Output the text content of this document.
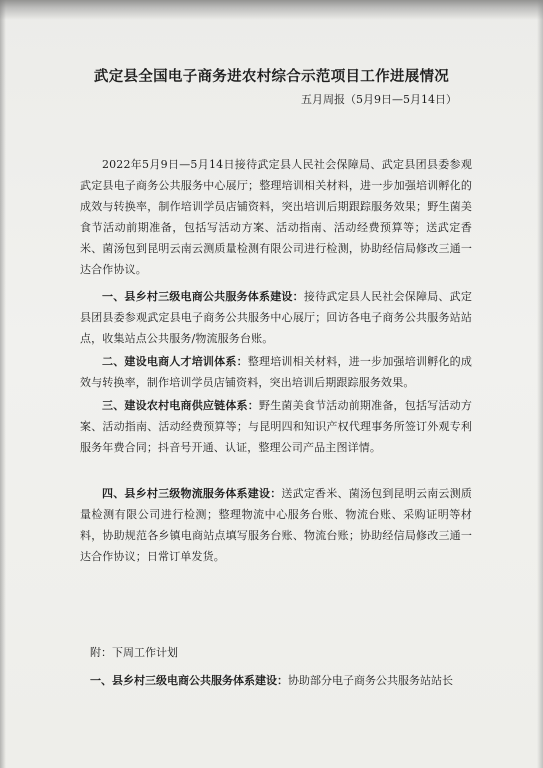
武定县全国电子商务进农村综合示范项目工作进展情况
五月周报（5月9日—5月14日）

2022年5月9日—5月14日接待武定县人民社会保障局、武定县团县委参观武定县电子商务公共服务中心展厅；整理培训相关材料，进一步加强培训孵化的成效与转换率，制作培训学员店铺资料，突出培训后期跟踪服务效果；野生菌美食节活动前期准备，包括写活动方案、活动指南、活动经费预算等；送武定香米、菌汤包到昆明云南云测质量检测有限公司进行检测，协助经信局修改三通一达合作协议。

一、县乡村三级电商公共服务体系建设：接待武定县人民社会保障局、武定县团县委参观武定县电子商务公共服务中心展厅；回访各电子商务公共服务站站点，收集站点公共服务/物流服务台账。

二、建设电商人才培训体系：整理培训相关材料，进一步加强培训孵化的成效与转换率，制作培训学员店铺资料，突出培训后期跟踪服务效果。

三、建设农村电商供应链体系：野生菌美食节活动前期准备，包括写活动方案、活动指南、活动经费预算等；与昆明四和知识产权代理事务所签订外观专利服务年费合同；抖音号开通、认证，整理公司产品主图详情。

四、县乡村三级物流服务体系建设：送武定香米、菌汤包到昆明云南云测质量检测有限公司进行检测；整理物流中心服务台账、物流台账、采购证明等材料，协助规范各乡镇电商站点填写服务台账、物流台账；协助经信局修改三通一达合作协议；日常订单发货。

附：下周工作计划
一、县乡村三级电商公共服务体系建设：协助部分电子商务公共服务站站长
